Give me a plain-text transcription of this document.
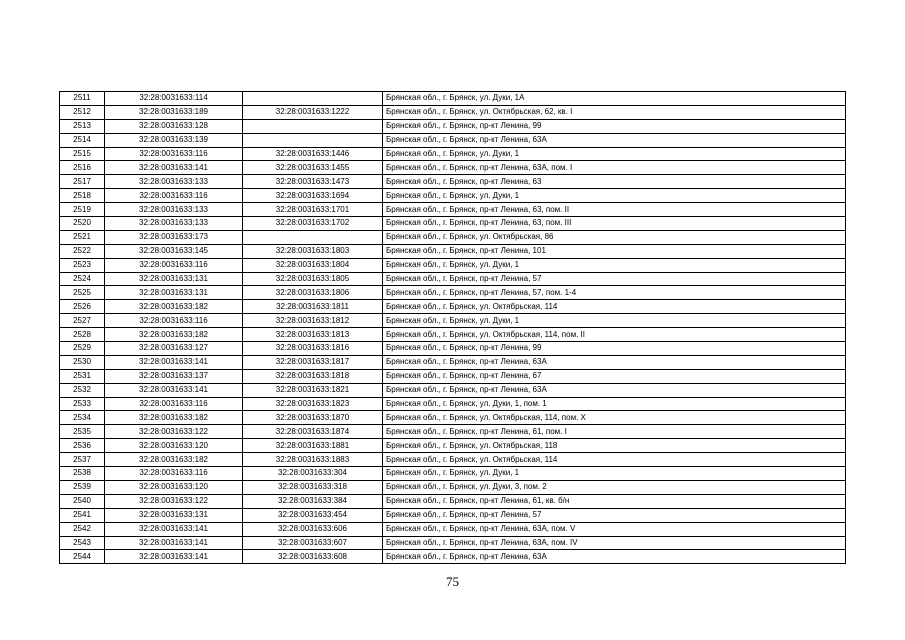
2511	32:28:0031633:114		Брянская обл., г. Брянск, ул. Дуки, 1А
2512	32:28:0031633:189	32:28:0031633:1222	Брянская обл., г. Брянск, ул. Октябрьская, 62, кв. I
2513	32:28:0031633:128		Брянская обл., г. Брянск, пр-кт Ленина, 99
2514	32:28:0031633:139		Брянская обл., г. Брянск, пр-кт Ленина, 63А
2515	32:28:0031633:116	32:28:0031633:1446	Брянская обл., г. Брянск, ул. Дуки, 1
2516	32:28:0031633:141	32:28:0031633:1455	Брянская обл., г. Брянск, пр-кт Ленина, 63А, пом. I
2517	32:28:0031633:133	32:28:0031633:1473	Брянская обл., г. Брянск, пр-кт Ленина, 63
2518	32:28:0031633:116	32:28:0031633:1694	Брянская обл., г. Брянск, ул. Дуки, 1
2519	32:28:0031633:133	32:28:0031633:1701	Брянская обл., г. Брянск, пр-кт Ленина, 63, пом. II
2520	32:28:0031633:133	32:28:0031633:1702	Брянская обл., г. Брянск, пр-кт Ленина, 63, пом. III
2521	32:28:0031633:173		Брянская обл., г. Брянск, ул. Октябрьская, 86
2522	32:28:0031633:145	32:28:0031633:1803	Брянская обл., г. Брянск, пр-кт Ленина, 101
2523	32:28:0031633:116	32:28:0031633:1804	Брянская обл., г. Брянск, ул. Дуки, 1
2524	32:28:0031633:131	32:28:0031633:1805	Брянская обл., г. Брянск, пр-кт Ленина, 57
2525	32:28:0031633:131	32:28:0031633:1806	Брянская обл., г. Брянск, пр-кт Ленина, 57, пом. 1-4
2526	32:28:0031633:182	32:28:0031633:1811	Брянская обл., г. Брянск, ул. Октябрьская, 114
2527	32:28:0031633:116	32:28:0031633:1812	Брянская обл., г. Брянск, ул. Дуки, 1
2528	32:28:0031633:182	32:28:0031633:1813	Брянская обл., г. Брянск, ул. Октябрьская, 114, пом. II
2529	32:28:0031633:127	32:28:0031633:1816	Брянская обл., г. Брянск, пр-кт Ленина, 99
2530	32:28:0031633:141	32:28:0031633:1817	Брянская обл., г. Брянск, пр-кт Ленина, 63А
2531	32:28:0031633:137	32:28:0031633:1818	Брянская обл., г. Брянск, пр-кт Ленина, 67
2532	32:28:0031633:141	32:28:0031633:1821	Брянская обл., г. Брянск, пр-кт Ленина, 63А
2533	32:28:0031633:116	32:28:0031633:1823	Брянская обл., г. Брянск, ул. Дуки, 1, пом. 1
2534	32:28:0031633:182	32:28:0031633:1870	Брянская обл., г. Брянск, ул. Октябрьская, 114, пом. X
2535	32:28:0031633:122	32:28:0031633:1874	Брянская обл., г. Брянск, пр-кт Ленина, 61, пом. I
2536	32:28:0031633:120	32:28:0031633:1881	Брянская обл., г. Брянск, ул. Октябрьская, 118
2537	32:28:0031633:182	32:28:0031633:1883	Брянская обл., г. Брянск, ул. Октябрьская, 114
2538	32:28:0031633:116	32:28:0031633:304	Брянская обл., г. Брянск, ул. Дуки, 1
2539	32:28:0031633:120	32:28:0031633:318	Брянская обл., г. Брянск, ул. Дуки, 3, пом. 2
2540	32:28:0031633:122	32:28:0031633:384	Брянская обл., г. Брянск, пр-кт Ленина, 61, кв. б/н
2541	32:28:0031633:131	32:28:0031633:454	Брянская обл., г. Брянск, пр-кт Ленина, 57
2542	32:28:0031633:141	32:28:0031633:606	Брянская обл., г. Брянск, пр-кт Ленина, 63А, пом. V
2543	32:28:0031633:141	32:28:0031633:607	Брянская обл., г. Брянск, пр-кт Ленина, 63А, пом. IV
2544	32:28:0031633:141	32:28:0031633:608	Брянская обл., г. Брянск, пр-кт Ленина, 63А
75
